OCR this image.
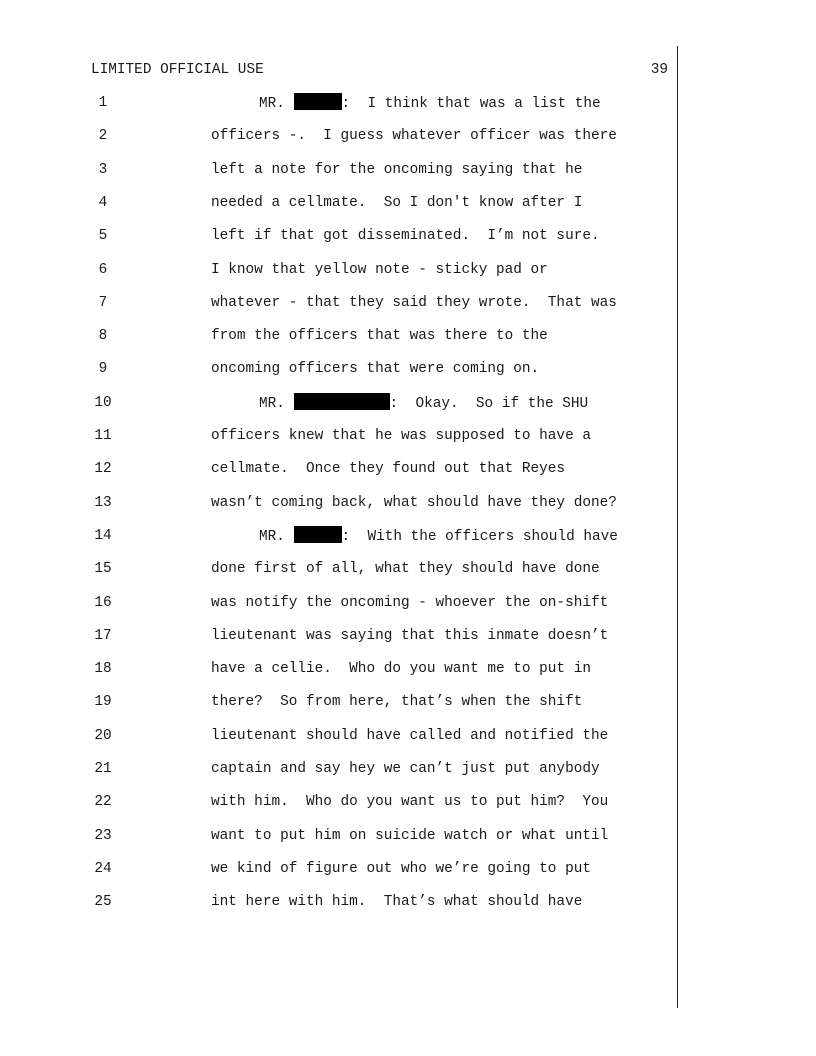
LIMITED OFFICIAL USE	39
1	MR.	:  I think that was a list the
2	officers -.  I guess whatever officer was there
3	left a note for the oncoming saying that he
4	needed a cellmate.  So I don't know after I
5	left if that got disseminated.  I’m not sure.
6	I know that yellow note - sticky pad or
7	whatever - that they said they wrote.  That was
8	from the officers that was there to the
9	oncoming officers that were coming on.
10	MR.	:  Okay.  So if the SHU
11	officers knew that he was supposed to have a
12	cellmate.  Once they found out that Reyes
13	wasn’t coming back, what should have they done?
14	MR.	:  With the officers should have
15	done first of all, what they should have done
16	was notify the oncoming - whoever the on-shift
17	lieutenant was saying that this inmate doesn’t
18	have a cellie.  Who do you want me to put in
19	there?  So from here, that’s when the shift
20	lieutenant should have called and notified the
21	captain and say hey we can’t just put anybody
22	with him.  Who do you want us to put him?  You
23	want to put him on suicide watch or what until
24	we kind of figure out who we’re going to put
25	int here with him.  That’s what should have
